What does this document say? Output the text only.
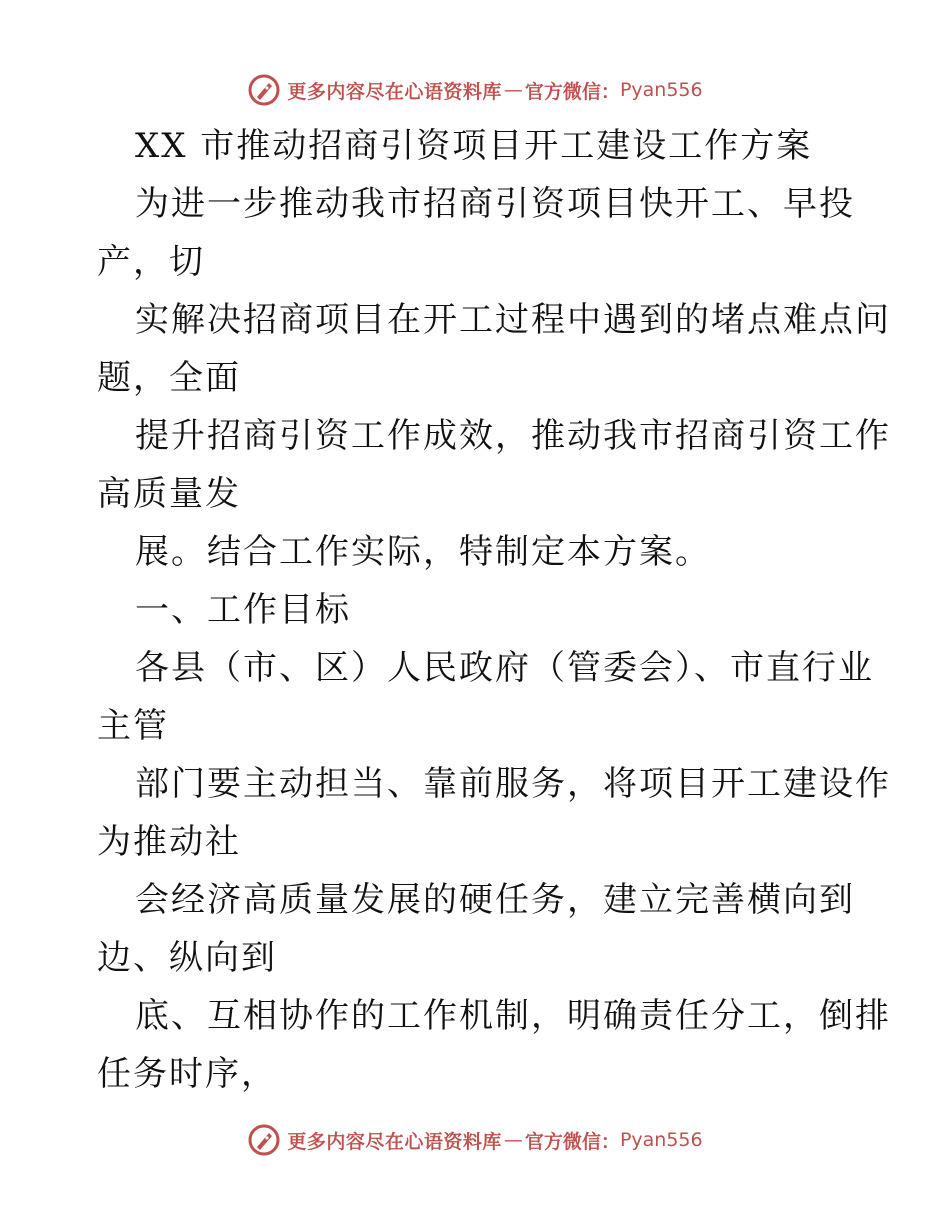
更多内容尽在心语资料库 — 官方微信： Pyan556
XX 市推动招商引资项目开工建设工作方案
为进一步推动我市招商引资项目快开工、早投
产，切
实解决招商项目在开工过程中遇到的堵点难点问
题，全面
提升招商引资工作成效，推动我市招商引资工作
高质量发
展。结合工作实际，特制定本方案。
一、工作目标
各县（市、区）人民政府（管委会）、市直行业
主管
部门要主动担当、靠前服务，将项目开工建设作
为推动社
会经济高质量发展的硬任务，建立完善横向到
边、纵向到
底、互相协作的工作机制，明确责任分工，倒排
任务时序，
更多内容尽在心语资料库 — 官方微信： Pyan556
